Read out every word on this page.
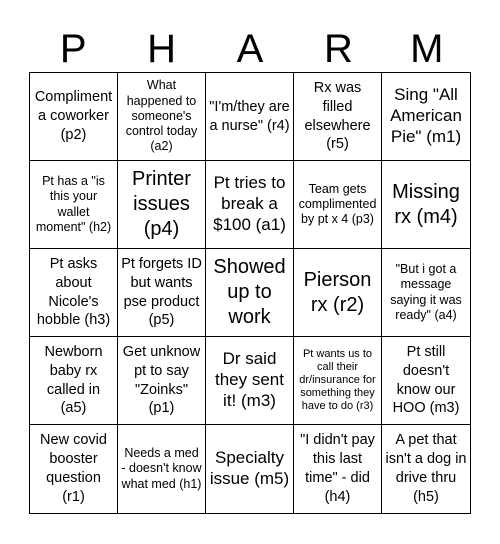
P	H	A	R	M
Compliment a coworker (p2)
What happened to someone's control today (a2)
"I'm/they are a nurse" (r4)
Rx was filled elsewhere (r5)
Sing "All American Pie" (m1)
Pt has a "is this your wallet moment" (h2)
Printer issues (p4)
Pt tries to break a $100 (a1)
Team gets complimented by pt x 4 (p3)
Missing rx (m4)
Pt asks about Nicole's hobble (h3)
Pt forgets ID but wants pse product (p5)
Showed up to work
Pierson rx (r2)
"But i got a message saying it was ready" (a4)
Newborn baby rx called in (a5)
Get unknow pt to say "Zoinks" (p1)
Dr said they sent it! (m3)
Pt wants us to call their dr/insurance for something they have to do (r3)
Pt still doesn't know our HOO (m3)
New covid booster question (r1)
Needs a med - doesn't know what med (h1)
Specialty issue (m5)
"I didn't pay this last time" - did (h4)
A pet that isn't a dog in drive thru (h5)
